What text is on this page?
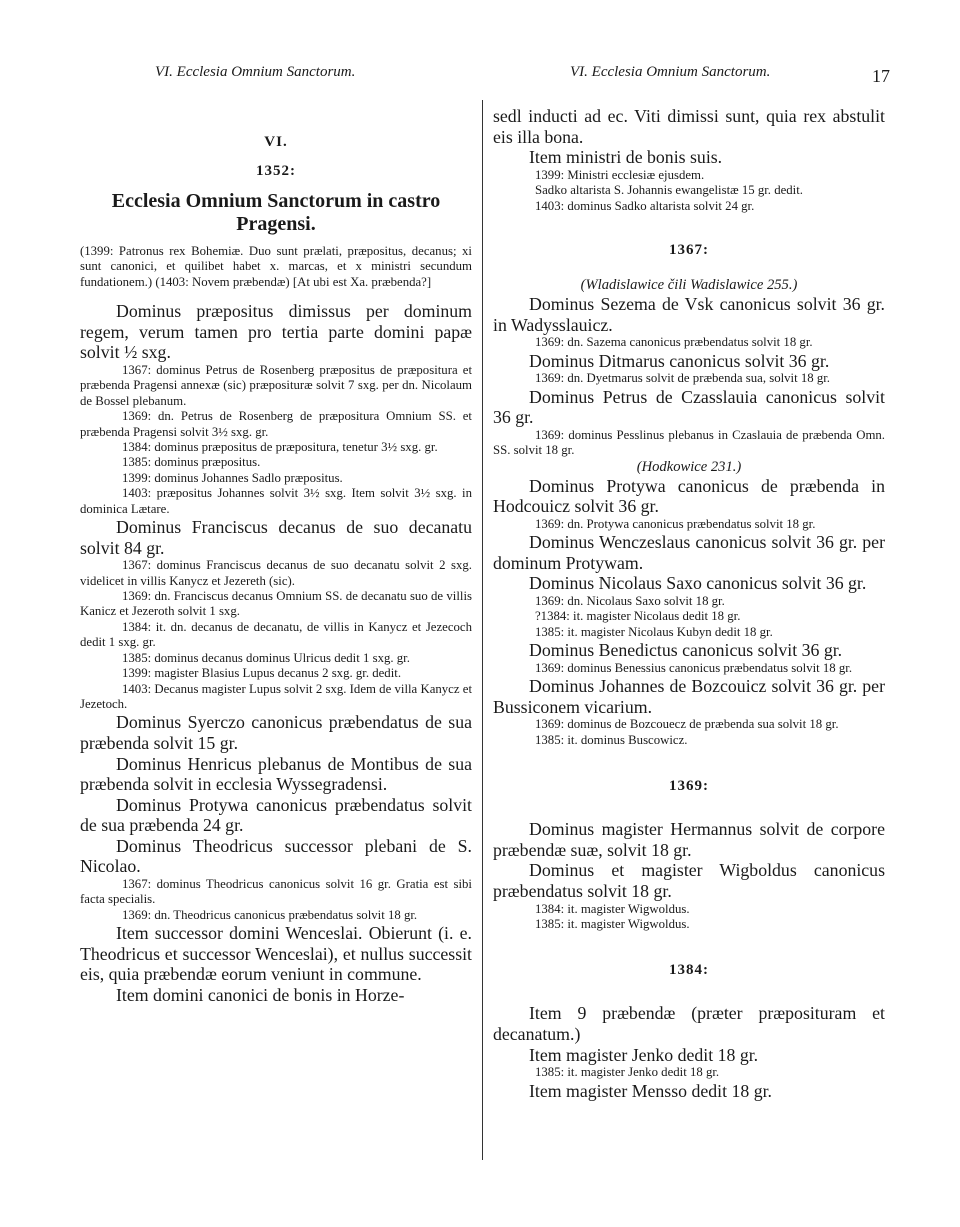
VI. Ecclesia Omnium Sanctorum.	VI. Ecclesia Omnium Sanctorum.	17
VI.
1352:
Ecclesia Omnium Sanctorum in castro Pragensi.

(1399: Patronus rex Bohemiæ. Duo sunt prælati, præpositus, decanus; xi sunt canonici, et quilibet habet x. marcas, et x ministri secundum fundationem.) (1403: Novem præbendæ) [At ubi est Xa. præbenda?]

Dominus præpositus dimissus per dominum regem, verum tamen pro tertia parte domini papæ solvit ½ sxg.

1367: dominus Petrus de Rosenberg præpositus de præpositura et præbenda Pragensi annexæ (sic) præposituræ solvit 7 sxg. per dn. Nicolaum de Bossel plebanum.

1369: dn. Petrus de Rosenberg de præpositura Omnium SS. et præbenda Pragensi solvit 3½ sxg. gr.

1384: dominus præpositus de præpositura, tenetur 3½ sxg. gr.

1385: dominus præpositus.

1399: dominus Johannes Sadlo præpositus.

1403: præpositus Johannes solvit 3½ sxg. Item solvit 3½ sxg. in dominica Lætare.

Dominus Franciscus decanus de suo decanatu solvit 84 gr.

1367: dominus Franciscus decanus de suo decanatu solvit 2 sxg. videlicet in villis Kanycz et Jezereth (sic).

1369: dn. Franciscus decanus Omnium SS. de decanatu suo de villis Kanicz et Jezeroth solvit 1 sxg.

1384: it. dn. decanus de decanatu, de villis in Kanycz et Jezecoch dedit 1 sxg. gr.

1385: dominus decanus dominus Ulricus dedit 1 sxg. gr.

1399: magister Blasius Lupus decanus 2 sxg. gr. dedit.

1403: Decanus magister Lupus solvit 2 sxg. Idem de villa Kanycz et Jezetoch.

Dominus Syerczo canonicus præbendatus de sua præbenda solvit 15 gr.

Dominus Henricus plebanus de Montibus de sua præbenda solvit in ecclesia Wyssegradensi.

Dominus Protywa canonicus præbendatus solvit de sua præbenda 24 gr.

Dominus Theodricus successor plebani de S. Nicolao.

1367: dominus Theodricus canonicus solvit 16 gr. Gratia est sibi facta specialis.

1369: dn. Theodricus canonicus præbendatus solvit 18 gr.

Item successor domini Wenceslai. Obierunt (i. e. Theodricus et successor Wenceslai), et nullus successit eis, quia præbendæ eorum veniunt in commune.

Item domini canonici de bonis in Horze-

sedl inducti ad ec. Viti dimissi sunt, quia rex abstulit eis illa bona.

Item ministri de bonis suis.

1399: Ministri ecclesiæ ejusdem.

Sadko altarista S. Johannis ewangelistæ 15 gr. dedit.

1403: dominus Sadko altarista solvit 24 gr.

1367:
(Wladislawice čili Wadislawice 255.)

Dominus Sezema de Vsk canonicus solvit 36 gr. in Wadysslauicz.

1369: dn. Sazema canonicus præbendatus solvit 18 gr.

Dominus Ditmarus canonicus solvit 36 gr.

1369: dn. Dyetmarus solvit de præbenda sua, solvit 18 gr.

Dominus Petrus de Czasslauia canonicus solvit 36 gr.

1369: dominus Pesslinus plebanus in Czaslauia de præbenda Omn. SS. solvit 18 gr.

(Hodkowice 231.)

Dominus Protywa canonicus de præbenda in Hodcouicz solvit 36 gr.

1369: dn. Protywa canonicus præbendatus solvit 18 gr.

Dominus Wenczeslaus canonicus solvit 36 gr. per dominum Protywam.

Dominus Nicolaus Saxo canonicus solvit 36 gr.

1369: dn. Nicolaus Saxo solvit 18 gr.

?1384: it. magister Nicolaus dedit 18 gr.

1385: it. magister Nicolaus Kubyn dedit 18 gr.

Dominus Benedictus canonicus solvit 36 gr.

1369: dominus Benessius canonicus præbendatus solvit 18 gr.

Dominus Johannes de Bozcouicz solvit 36 gr. per Bussiconem vicarium.

1369: dominus de Bozcouecz de præbenda sua solvit 18 gr.

1385: it. dominus Buscowicz.

1369:

Dominus magister Hermannus solvit de corpore præbendæ suæ, solvit 18 gr.

Dominus et magister Wigboldus canonicus præbendatus solvit 18 gr.

1384: it. magister Wigwoldus.

1385: it. magister Wigwoldus.

1384:

Item 9 præbendæ (præter præposituram et decanatum.)

Item magister Jenko dedit 18 gr.

1385: it. magister Jenko dedit 18 gr.

Item magister Mensso dedit 18 gr.
